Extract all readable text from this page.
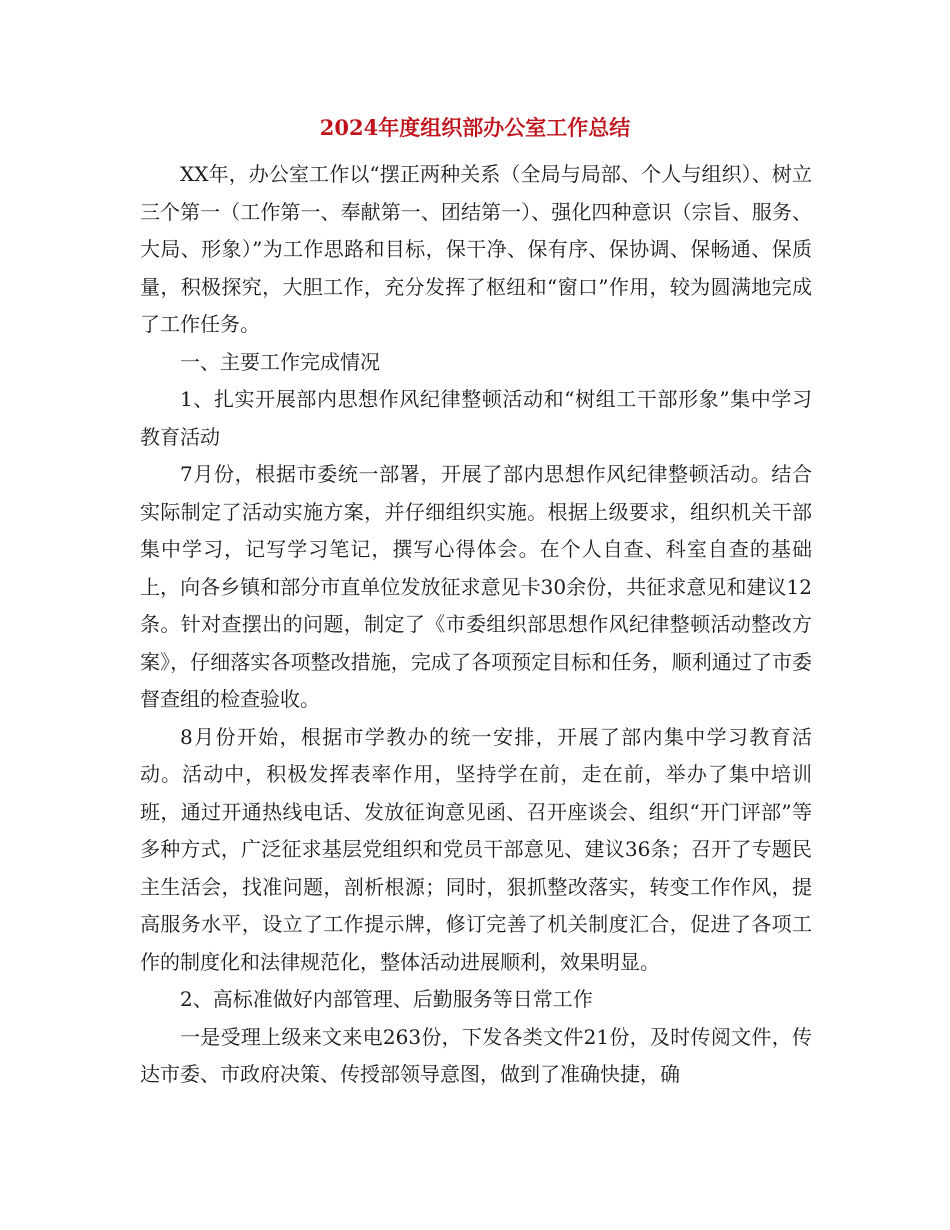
2024年度组织部办公室工作总结

XX年，办公室工作以“摆正两种关系（全局与局部、个人与组织）、树立三个第一（工作第一、奉献第一、团结第一）、强化四种意识（宗旨、服务、大局、形象）”为工作思路和目标，保干净、保有序、保协调、保畅通、保质量，积极探究，大胆工作，充分发挥了枢纽和“窗口”作用，较为圆满地完成了工作任务。

一、主要工作完成情况

1、扎实开展部内思想作风纪律整顿活动和“树组工干部形象”集中学习教育活动

7月份，根据市委统一部署，开展了部内思想作风纪律整顿活动。结合实际制定了活动实施方案，并仔细组织实施。根据上级要求，组织机关干部集中学习，记写学习笔记，撰写心得体会。在个人自查、科室自查的基础上，向各乡镇和部分市直单位发放征求意见卡30余份，共征求意见和建议12条。针对查摆出的问题，制定了《市委组织部思想作风纪律整顿活动整改方案》，仔细落实各项整改措施，完成了各项预定目标和任务，顺利通过了市委督查组的检查验收。

8月份开始，根据市学教办的统一安排，开展了部内集中学习教育活动。活动中，积极发挥表率作用，坚持学在前，走在前，举办了集中培训班，通过开通热线电话、发放征询意见函、召开座谈会、组织“开门评部”等多种方式，广泛征求基层党组织和党员干部意见、建议36条；召开了专题民主生活会，找准问题，剖析根源；同时，狠抓整改落实，转变工作作风，提高服务水平，设立了工作提示牌，修订完善了机关制度汇合，促进了各项工作的制度化和法律规范化，整体活动进展顺利，效果明显。

2、高标准做好内部管理、后勤服务等日常工作

一是受理上级来文来电263份，下发各类文件21份，及时传阅文件，传达市委、市政府决策、传授部领导意图，做到了准确快捷，确
